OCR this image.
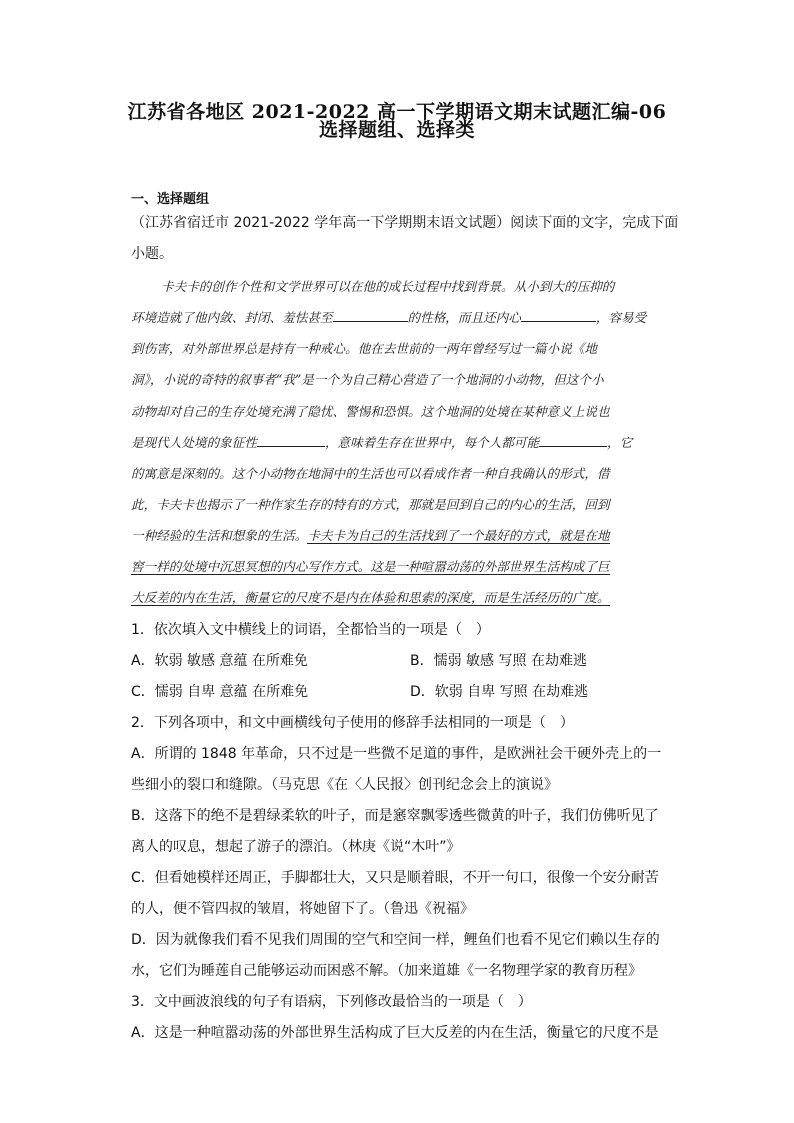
江苏省各地区 2021-2022 高一下学期语文期末试题汇编-06
选择题组、选择类
一、选择题组
（江苏省宿迁市 2021-2022 学年高一下学期期末语文试题）阅读下面的文字，完成下面
小题。
卡夫卡的创作个性和文学世界可以在他的成长过程中找到背景。从小到大的压抑的
环境造就了他内敛、封闭、羞怯甚至	的性格，而且还内心	，容易受
到伤害，对外部世界总是持有一种戒心。他在去世前的一两年曾经写过一篇小说《地
洞》，小说的奇特的叙事者“我”是一个为自己精心营造了一个地洞的小动物，但这个小
动物却对自己的生存处境充满了隐忧、警惕和恐惧。这个地洞的处境在某种意义上说也
是现代人处境的象征性	，意味着生存在世界中，每个人都可能	，它
的寓意是深刻的。这个小动物在地洞中的生活也可以看成作者一种自我确认的形式，借
此，卡夫卡也揭示了一种作家生存的特有的方式，那就是回到自己的内心的生活，回到
一种经验的生活和想象的生活。卡夫卡为自己的生活找到了一个最好的方式，就是在地
窖一样的处境中沉思冥想的内心写作方式。这是一种喧嚣动荡的外部世界生活构成了巨
大反差的内在生活，衡量它的尺度不是内在体验和思索的深度，而是生活经历的广度。
1．依次填入文中横线上的词语，全都恰当的一项是（　）
A．软弱 敏感 意蕴 在所难免	B．懦弱 敏感 写照 在劫难逃
C．懦弱 自卑 意蕴 在所难免	D．软弱 自卑 写照 在劫难逃
2．下列各项中，和文中画横线句子使用的修辞手法相同的一项是（　）
A．所谓的 1848 年革命，只不过是一些微不足道的事件，是欧洲社会干硬外壳上的一
些细小的裂口和缝隙。（马克思《在〈人民报〉创刊纪念会上的演说》
B．这落下的绝不是碧绿柔软的叶子，而是窸窣飘零透些微黄的叶子，我们仿佛听见了
离人的叹息，想起了游子的漂泊。（林庚《说“木叶”》
C．但看她模样还周正，手脚都壮大，又只是顺着眼，不开一句口，很像一个安分耐苦
的人，便不管四叔的皱眉，将她留下了。（鲁迅《祝福》
D．因为就像我们看不见我们周围的空气和空间一样，鲤鱼们也看不见它们赖以生存的
水，它们为睡莲自己能够运动而困惑不解。（加来道雄《一名物理学家的教育历程》
3．文中画波浪线的句子有语病，下列修改最恰当的一项是（　）
A．这是一种喧嚣动荡的外部世界生活构成了巨大反差的内在生活，衡量它的尺度不是
